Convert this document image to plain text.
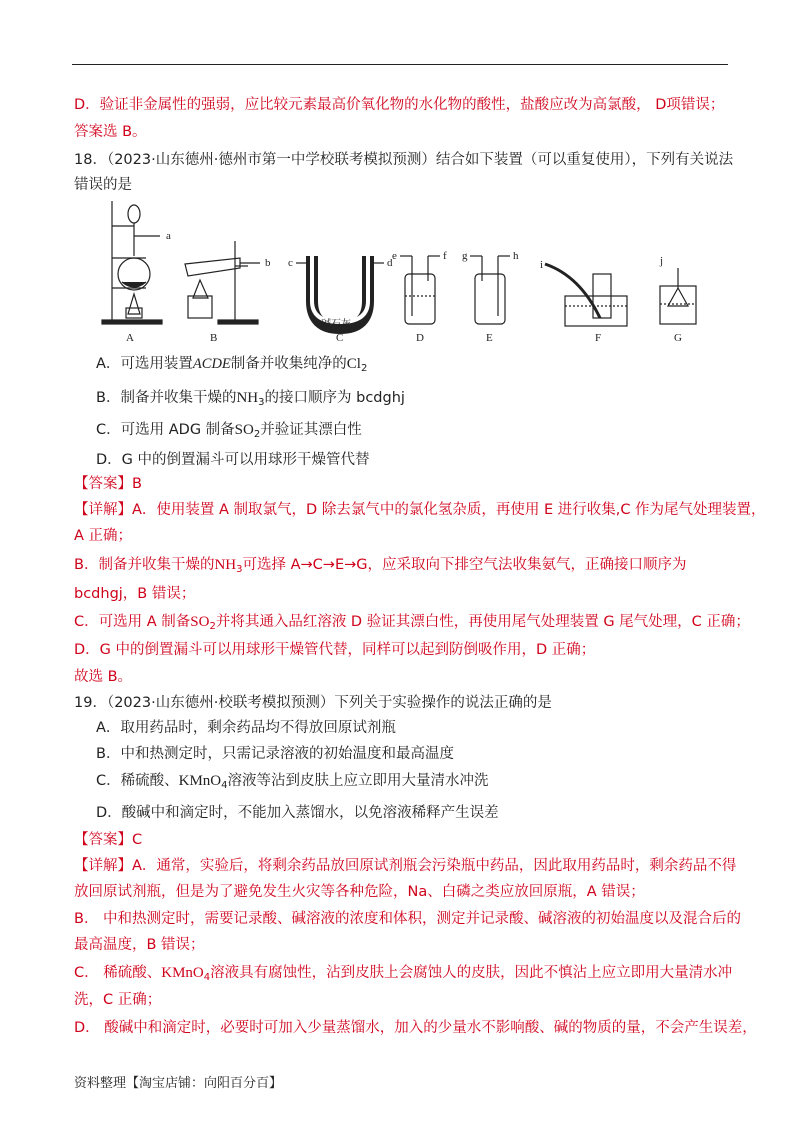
D．验证非金属性的强弱，应比较元素最高价氧化物的水化物的酸性，盐酸应改为高氯酸， D项错误；
答案选 B。
18．（2023·山东德州·德州市第一中学校联考模拟预测）结合如下装置（可以重复使用），下列有关说法
错误的是
a
b c	d
e	f g	h
i	j
碱石灰
A	B	C	D	E	F	G
A．可选用装置ACDE制备并收集纯净的$Cl_2$
B．制备并收集干燥的$NH_3$的接口顺序为 bcdghj
C．可选用 ADG 制备$SO_2$并验证其漂白性
D．G 中的倒置漏斗可以用球形干燥管代替
【答案】B
【详解】A．使用装置 A 制取氯气，D 除去氯气中的氯化氢杂质，再使用 E 进行收集,C 作为尾气处理装置，
A 正确；
B．制备并收集干燥的$NH_3$可选择 A→C→E→G，应采取向下排空气法收集氨气，正确接口顺序为
bcdhgj，B 错误；
C．可选用 A 制备$SO_2$并将其通入品红溶液 D 验证其漂白性，再使用尾气处理装置 G 尾气处理，C 正确；
D．G 中的倒置漏斗可以用球形干燥管代替，同样可以起到防倒吸作用，D 正确；
故选 B。
19．（2023·山东德州·校联考模拟预测）下列关于实验操作的说法正确的是
A．取用药品时，剩余药品均不得放回原试剂瓶
B．中和热测定时，只需记录溶液的初始温度和最高温度
C．稀硫酸、KMnO$_4$溶液等沾到皮肤上应立即用大量清水冲洗
D．酸碱中和滴定时，不能加入蒸馏水，以免溶液稀释产生误差
【答案】C
【详解】A．通常，实验后，将剩余药品放回原试剂瓶会污染瓶中药品，因此取用药品时，剩余药品不得
放回原试剂瓶，但是为了避免发生火灾等各种危险，Na、白磷之类应放回原瓶，A 错误；
B． 中和热测定时，需要记录酸、碱溶液的浓度和体积，测定并记录酸、碱溶液的初始温度以及混合后的
最高温度，B 错误；
C． 稀硫酸、KMnO$_4$溶液具有腐蚀性，沾到皮肤上会腐蚀人的皮肤，因此不慎沾上应立即用大量清水冲
洗，C 正确；
D． 酸碱中和滴定时，必要时可加入少量蒸馏水，加入的少量水不影响酸、碱的物质的量，不会产生误差，
资料整理【淘宝店铺：向阳百分百】
